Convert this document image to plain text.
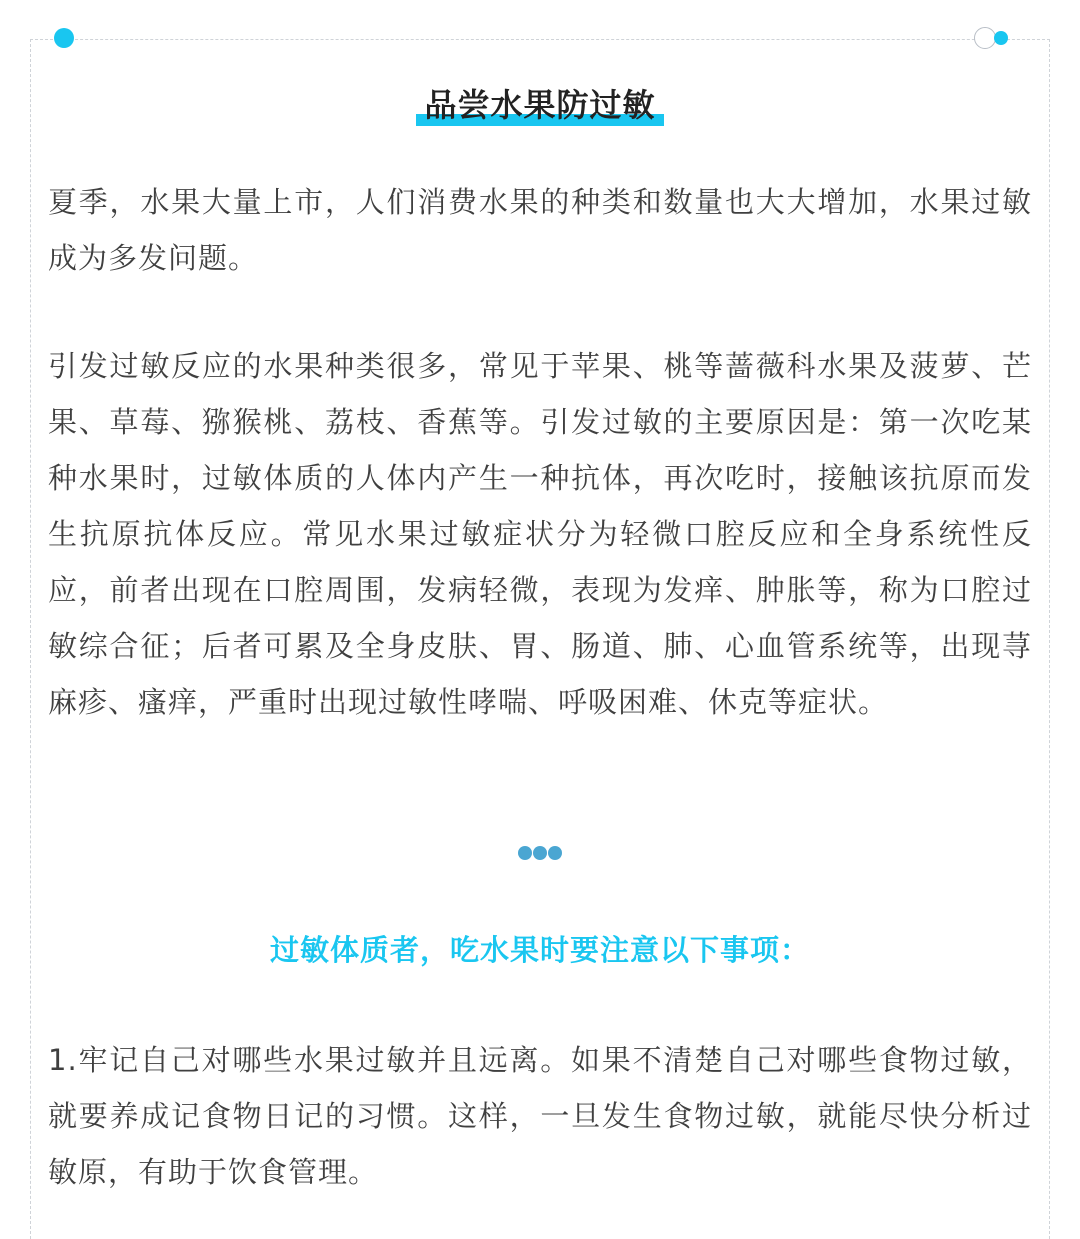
品尝水果防过敏

夏季，水果大量上市，人们消费水果的种类和数量也大大增加，水果过敏成为多发问题。

引发过敏反应的水果种类很多，常见于苹果、桃等蔷薇科水果及菠萝、芒果、草莓、猕猴桃、荔枝、香蕉等。引发过敏的主要原因是：第一次吃某种水果时，过敏体质的人体内产生一种抗体，再次吃时，接触该抗原而发生抗原抗体反应。常见水果过敏症状分为轻微口腔反应和全身系统性反应，前者出现在口腔周围，发病轻微，表现为发痒、肿胀等，称为口腔过敏综合征；后者可累及全身皮肤、胃、肠道、肺、心血管系统等，出现荨麻疹、瘙痒，严重时出现过敏性哮喘、呼吸困难、休克等症状。

过敏体质者，吃水果时要注意以下事项：

1.牢记自己对哪些水果过敏并且远离。如果不清楚自己对哪些食物过敏，就要养成记食物日记的习惯。这样，一旦发生食物过敏，就能尽快分析过敏原，有助于饮食管理。
